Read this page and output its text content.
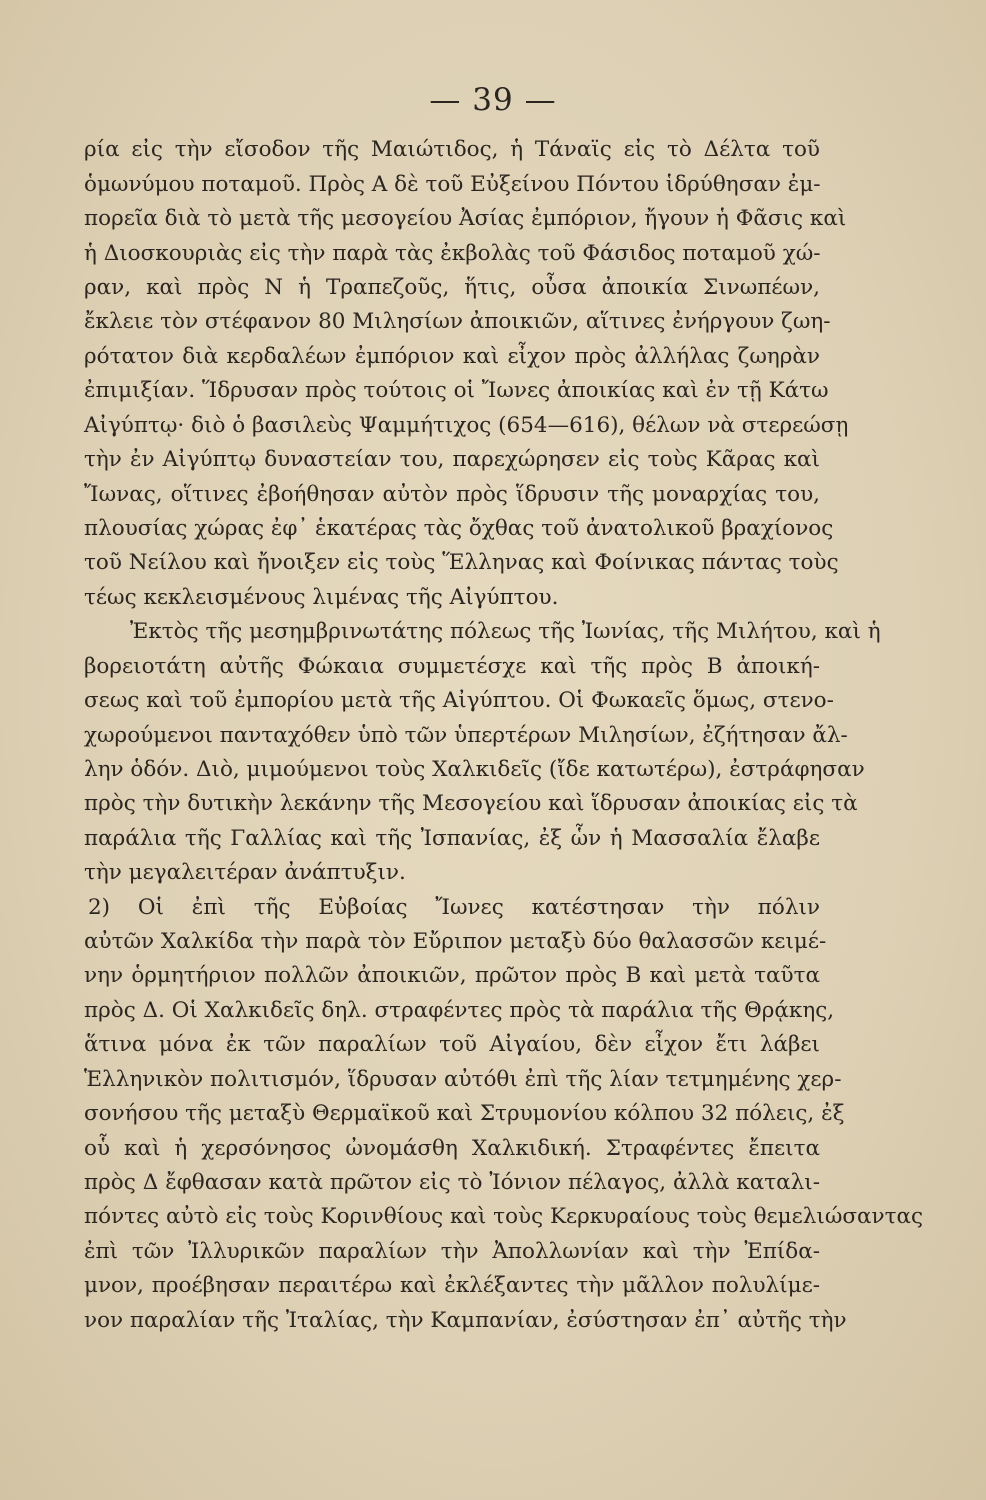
— 39 —
ρία εἰς τὴν εἴσοδον τῆς Μαιώτιδος, ἡ Τάναϊς εἰς τὸ Δέλτα τοῦ
ὁμωνύμου ποταμοῦ. Πρὸς Α δὲ τοῦ Εὐξείνου Πόντου ἱδρύθησαν ἐμ-
πορεῖα διὰ τὸ μετὰ τῆς μεσογείου Ἀσίας ἐμπόριον, ἤγουν ἡ Φᾶσις καὶ
ἡ Διοσκουριὰς εἰς τὴν παρὰ τὰς ἐκβολὰς τοῦ Φάσιδος ποταμοῦ χώ-
ραν, καὶ πρὸς Ν ἡ Τραπεζοῦς, ἥτις, οὖσα ἀποικία Σινωπέων,
ἔκλειε τὸν στέφανον 80 Μιλησίων ἀποικιῶν, αἵτινες ἐνήργουν ζωη-
ρότατον διὰ κερδαλέων ἐμπόριον καὶ εἶχον πρὸς ἀλλήλας ζωηρὰν
ἐπιμιξίαν. Ἵδρυσαν πρὸς τούτοις οἱ Ἴωνες ἀποικίας καὶ ἐν τῇ Κάτω
Αἰγύπτῳ· διὸ ὁ βασιλεὺς Ψαμμήτιχος (654—616), θέλων νὰ στερεώσῃ
τὴν ἐν Αἰγύπτῳ δυναστείαν του, παρεχώρησεν εἰς τοὺς Κᾶρας καὶ
Ἴωνας, οἵτινες ἐβοήθησαν αὐτὸν πρὸς ἵδρυσιν τῆς μοναρχίας του,
πλουσίας χώρας ἐφ᾽ ἑκατέρας τὰς ὄχθας τοῦ ἀνατολικοῦ βραχίονος
τοῦ Νείλου καὶ ἤνοιξεν εἰς τοὺς Ἕλληνας καὶ Φοίνικας πάντας τοὺς
τέως κεκλεισμένους λιμένας τῆς Αἰγύπτου.
Ἐκτὸς τῆς μεσημβρινωτάτης πόλεως τῆς Ἰωνίας, τῆς Μιλήτου, καὶ ἡ
βορειοτάτη αὐτῆς Φώκαια συμμετέσχε καὶ τῆς πρὸς Β ἀποική-
σεως καὶ τοῦ ἐμπορίου μετὰ τῆς Αἰγύπτου. Οἱ Φωκαεῖς ὅμως, στενο-
χωρούμενοι πανταχόθεν ὑπὸ τῶν ὑπερτέρων Μιλησίων, ἐζήτησαν ἄλ-
λην ὁδόν. Διὸ, μιμούμενοι τοὺς Χαλκιδεῖς (ἴδε κατωτέρω), ἐστράφησαν
πρὸς τὴν δυτικὴν λεκάνην τῆς Μεσογείου καὶ ἵδρυσαν ἀποικίας εἰς τὰ
παράλια τῆς Γαλλίας καὶ τῆς Ἰσπανίας, ἐξ ὧν ἡ Μασσαλία ἔλαβε
τὴν μεγαλειτέραν ἀνάπτυξιν.
2) Οἱ ἐπὶ τῆς Εὐβοίας Ἴωνες κατέστησαν τὴν πόλιν
αὐτῶν Χαλκίδα τὴν παρὰ τὸν Εὔριπον μεταξὺ δύο θαλασσῶν κειμέ-
νην ὁρμητήριον πολλῶν ἀποικιῶν, πρῶτον πρὸς Β καὶ μετὰ ταῦτα
πρὸς Δ. Οἱ Χαλκιδεῖς δηλ. στραφέντες πρὸς τὰ παράλια τῆς Θρᾴκης,
ἅτινα μόνα ἐκ τῶν παραλίων τοῦ Αἰγαίου, δὲν εἶχον ἔτι λάβει
Ἑλληνικὸν πολιτισμόν, ἵδρυσαν αὐτόθι ἐπὶ τῆς λίαν τετμημένης χερ-
σονήσου τῆς μεταξὺ Θερμαϊκοῦ καὶ Στρυμονίου κόλπου 32 πόλεις, ἐξ
οὗ καὶ ἡ χερσόνησος ὠνομάσθη Χαλκιδική. Στραφέντες ἔπειτα
πρὸς Δ ἔφθασαν κατὰ πρῶτον εἰς τὸ Ἰόνιον πέλαγος, ἀλλὰ καταλι-
πόντες αὐτὸ εἰς τοὺς Κορινθίους καὶ τοὺς Κερκυραίους τοὺς θεμελιώσαντας
ἐπὶ τῶν Ἰλλυρικῶν παραλίων τὴν Ἀπολλωνίαν καὶ τὴν Ἐπίδα-
μνον, προέβησαν περαιτέρω καὶ ἐκλέξαντες τὴν μᾶλλον πολυλίμε-
νον παραλίαν τῆς Ἰταλίας, τὴν Καμπανίαν, ἐσύστησαν ἐπ᾽ αὐτῆς τὴν
